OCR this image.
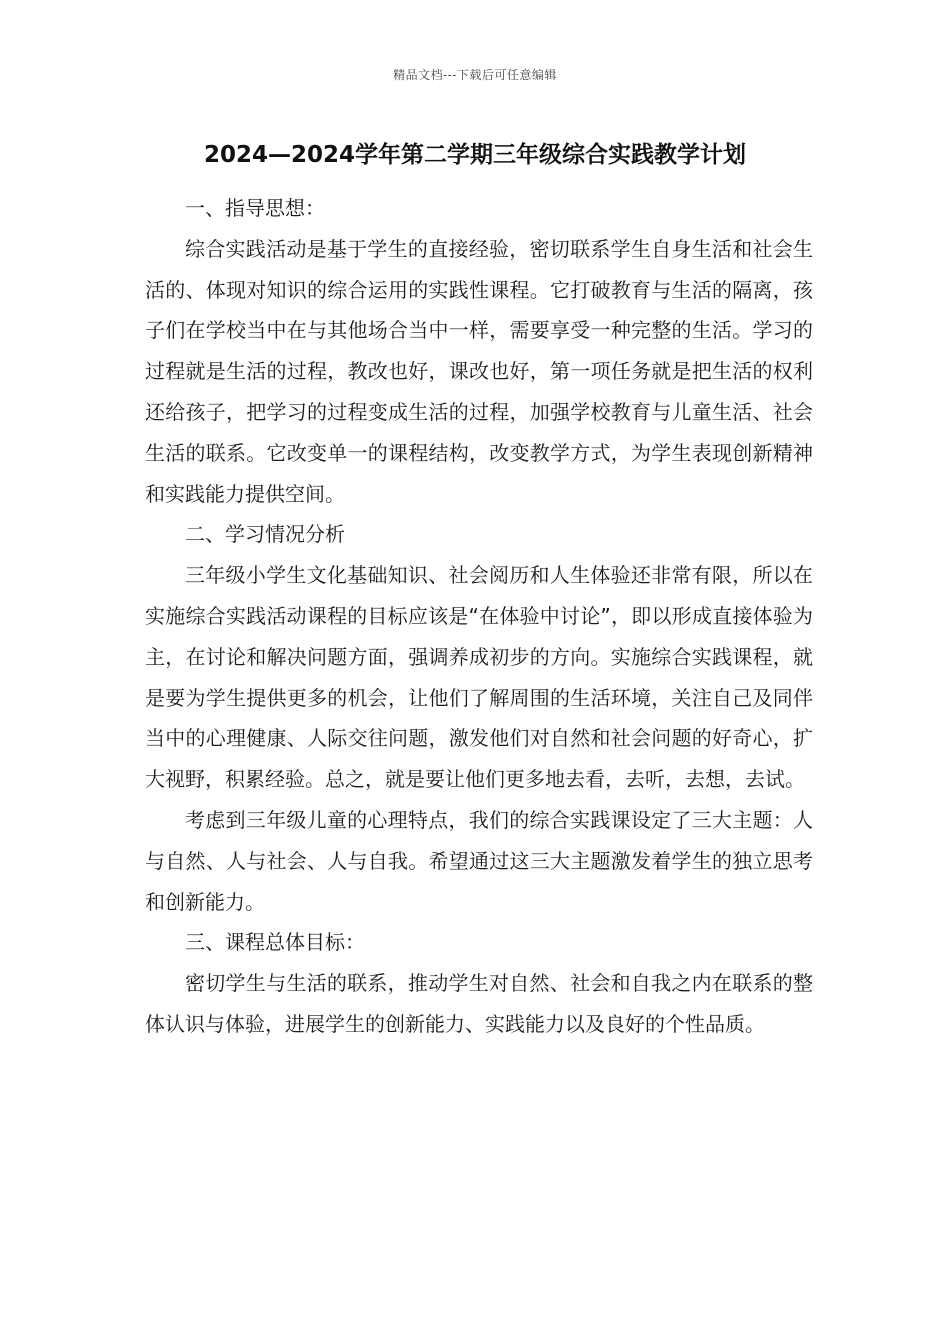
精品文档---下载后可任意编辑
2024—2024学年第二学期三年级综合实践教学计划
一、指导思想：

综合实践活动是基于学生的直接经验，密切联系学生自身生活和社会生活的、体现对知识的综合运用的实践性课程。它打破教育与生活的隔离，孩子们在学校当中在与其他场合当中一样，需要享受一种完整的生活。学习的过程就是生活的过程，教改也好，课改也好，第一项任务就是把生活的权利还给孩子，把学习的过程变成生活的过程，加强学校教育与儿童生活、社会生活的联系。它改变单一的课程结构，改变教学方式，为学生表现创新精神和实践能力提供空间。

二、学习情况分析

三年级小学生文化基础知识、社会阅历和人生体验还非常有限，所以在实施综合实践活动课程的目标应该是“在体验中讨论”，即以形成直接体验为主，在讨论和解决问题方面，强调养成初步的方向。实施综合实践课程，就是要为学生提供更多的机会，让他们了解周围的生活环境，关注自己及同伴当中的心理健康、人际交往问题，激发他们对自然和社会问题的好奇心，扩大视野，积累经验。总之，就是要让他们更多地去看，去听，去想，去试。

考虑到三年级儿童的心理特点，我们的综合实践课设定了三大主题：人与自然、人与社会、人与自我。希望通过这三大主题激发着学生的独立思考和创新能力。

三、课程总体目标：

密切学生与生活的联系，推动学生对自然、社会和自我之内在联系的整体认识与体验，进展学生的创新能力、实践能力以及良好的个性品质。
